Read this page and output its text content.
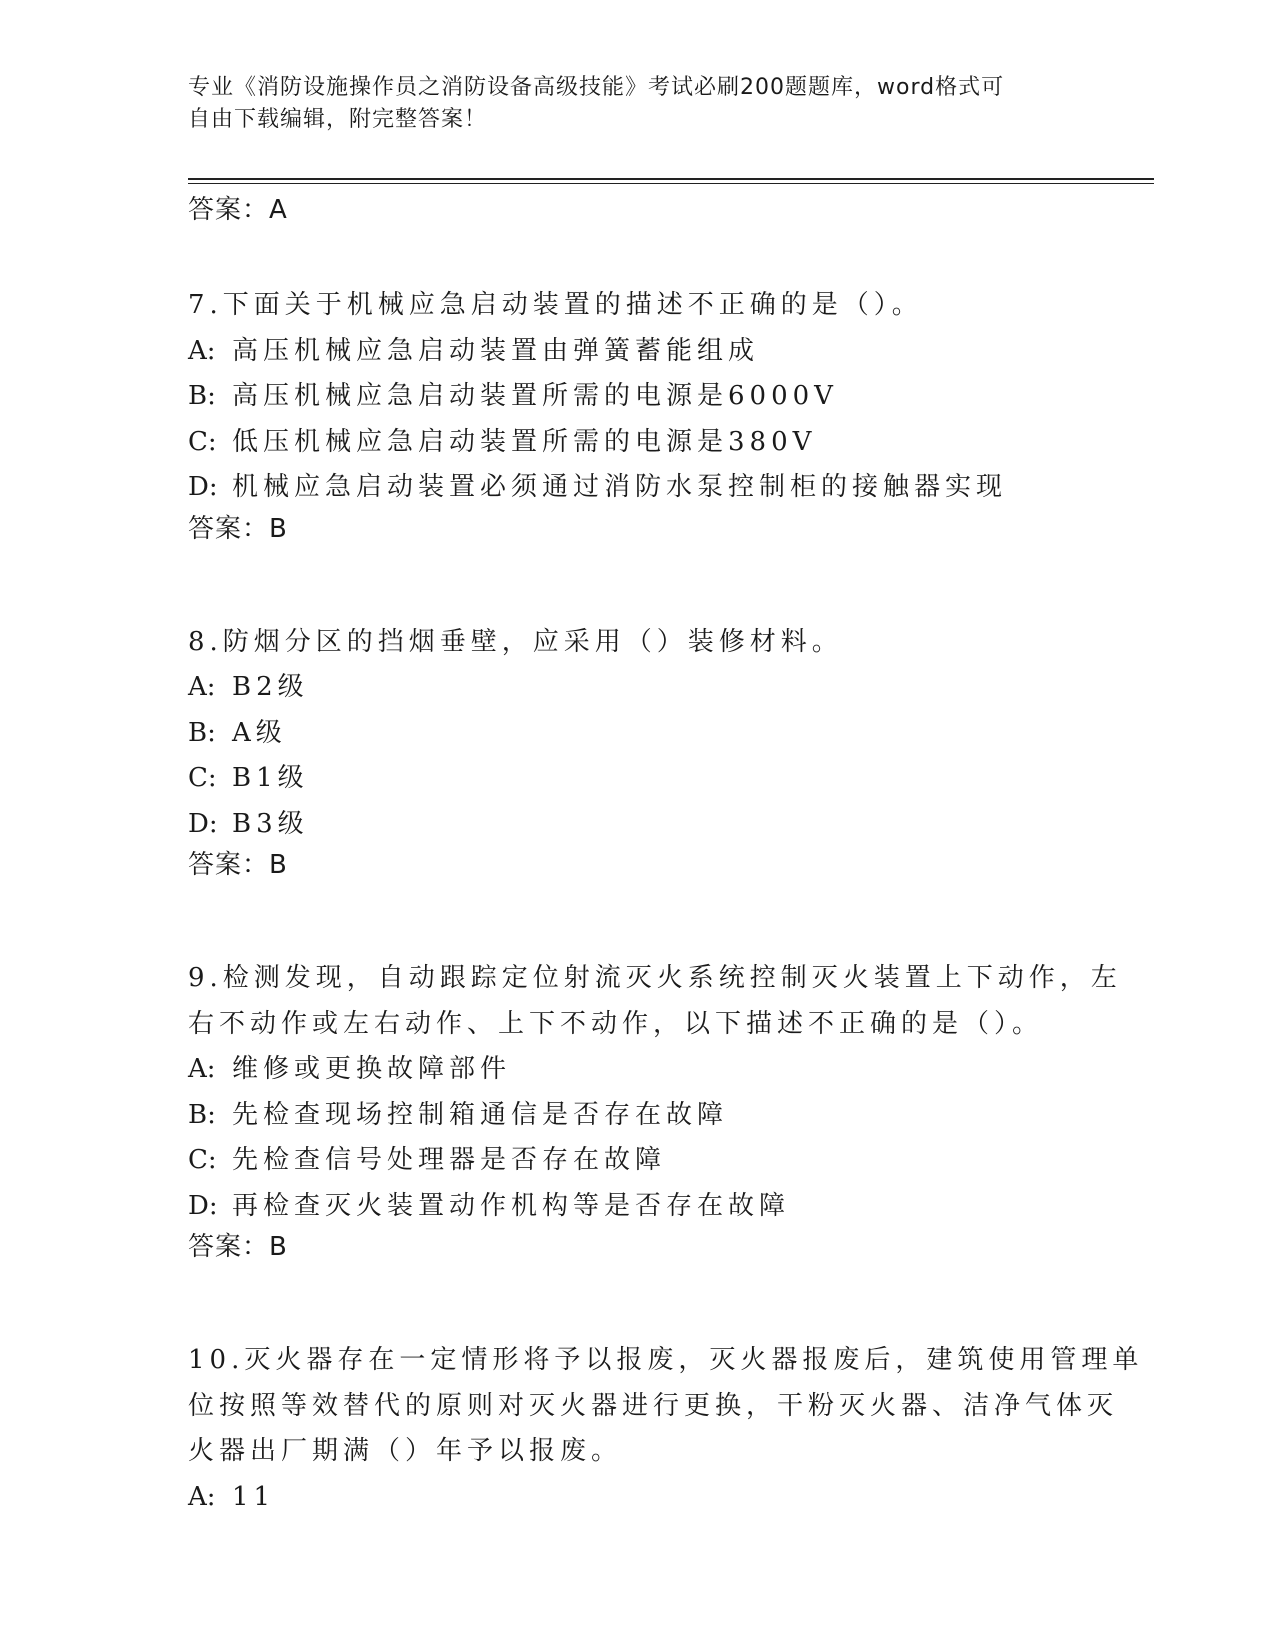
专业《消防设施操作员之消防设备高级技能》考试必刷200题题库，word格式可
自由下载编辑，附完整答案！
答案：A
7.下面关于机械应急启动装置的描述不正确的是（）。
A: 高压机械应急启动装置由弹簧蓄能组成
B: 高压机械应急启动装置所需的电源是6000V
C: 低压机械应急启动装置所需的电源是380V
D: 机械应急启动装置必须通过消防水泵控制柜的接触器实现
答案：B
8.防烟分区的挡烟垂壁，应采用（）装修材料。
A: B2级
B: A级
C: B1级
D: B3级
答案：B
9.检测发现，自动跟踪定位射流灭火系统控制灭火装置上下动作，左
右不动作或左右动作、上下不动作，以下描述不正确的是（）。
A: 维修或更换故障部件
B: 先检查现场控制箱通信是否存在故障
C: 先检查信号处理器是否存在故障
D: 再检查灭火装置动作机构等是否存在故障
答案：B
10.灭火器存在一定情形将予以报废，灭火器报废后，建筑使用管理单
位按照等效替代的原则对灭火器进行更换，干粉灭火器、洁净气体灭
火器出厂期满（）年予以报废。
A: 11
